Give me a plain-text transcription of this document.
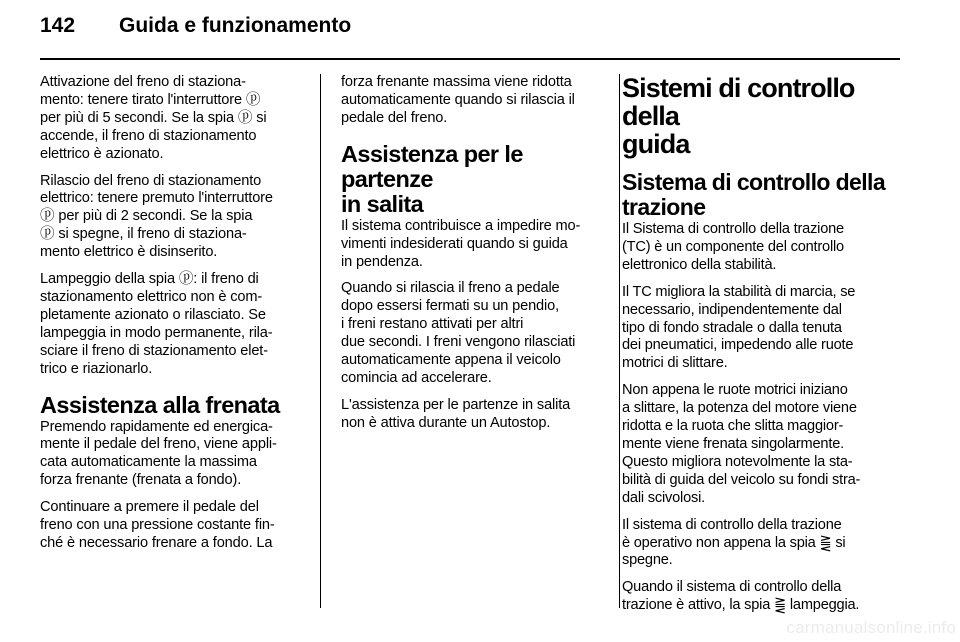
142 Guida e funzionamento

Attivazione del freno di staziona-
mento: tenere tirato l'interruttore ⓟ
per più di 5 secondi. Se la spia ⓟ si
accende, il freno di stazionamento
elettrico è azionato.

Rilascio del freno di stazionamento
elettrico: tenere premuto l'interruttore
ⓟ per più di 2 secondi. Se la spia
ⓟ si spegne, il freno di staziona-
mento elettrico è disinserito.

Lampeggio della spia ⓟ: il freno di
stazionamento elettrico non è com-
pletamente azionato o rilasciato. Se
lampeggia in modo permanente, rila-
sciare il freno di stazionamento elet-
trico e riazionarlo.

Assistenza alla frenata

Premendo rapidamente ed energica-
mente il pedale del freno, viene appli-
cata automaticamente la massima
forza frenante (frenata a fondo).

Continuare a premere il pedale del
freno con una pressione costante fin-
ché è necessario frenare a fondo. La

forza frenante massima viene ridotta
automaticamente quando si rilascia il
pedale del freno.

Assistenza per le partenze
in salita

Il sistema contribuisce a impedire mo-
vimenti indesiderati quando si guida
in pendenza.

Quando si rilascia il freno a pedale
dopo essersi fermati su un pendio,
i freni restano attivati per altri
due secondi. I freni vengono rilasciati
automaticamente appena il veicolo
comincia ad accelerare.

L'assistenza per le partenze in salita
non è attiva durante un Autostop.

Sistemi di controllo della
guida
Sistema di controllo della
trazione

Il Sistema di controllo della trazione
(TC) è un componente del controllo
elettronico della stabilità.

Il TC migliora la stabilità di marcia, se
necessario, indipendentemente dal
tipo di fondo stradale o dalla tenuta
dei pneumatici, impedendo alle ruote
motrici di slittare.

Non appena le ruote motrici iniziano
a slittare, la potenza del motore viene
ridotta e la ruota che slitta maggior-
mente viene frenata singolarmente.
Questo migliora notevolmente la sta-
bilità di guida del veicolo su fondi stra-
dali scivolosi.

Il sistema di controllo della trazione
è operativo non appena la spia ⪌ si
spegne.

Quando il sistema di controllo della
trazione è attivo, la spia ⪌ lampeggia.

carmanualsonline.info
